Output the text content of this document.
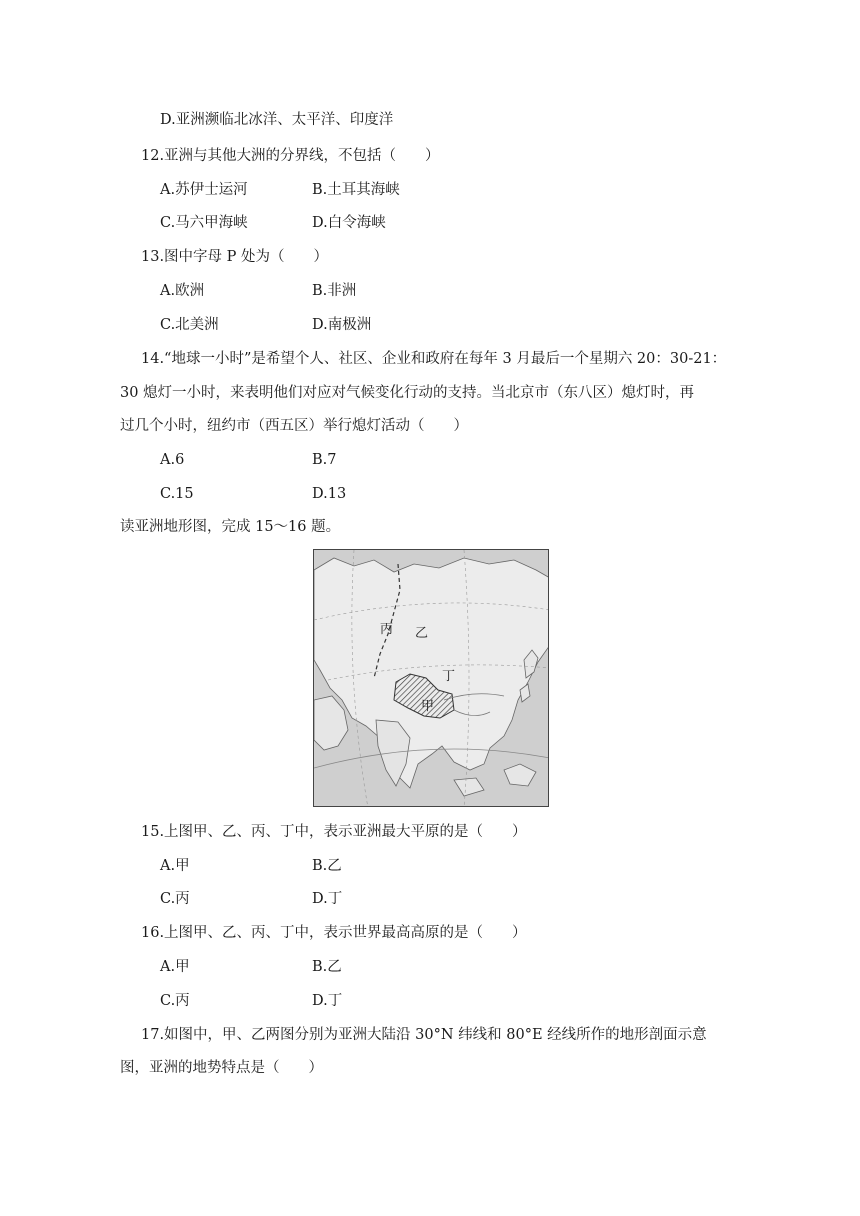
D.亚洲濒临北冰洋、太平洋、印度洋
12.亚洲与其他大洲的分界线，不包括（　　）
A.苏伊士运河	B.土耳其海峡
C.马六甲海峡	D.白令海峡
13.图中字母 P 处为（　　）
A.欧洲	B.非洲
C.北美洲	D.南极洲
14.“地球一小时”是希望个人、社区、企业和政府在每年 3 月最后一个星期六 20：30-21：
30 熄灯一小时，来表明他们对应对气候变化行动的支持。当北京市（东八区）熄灯时，再
过几个小时，纽约市（西五区）举行熄灯活动（　　）
A.6	B.7
C.15	D.13
读亚洲地形图，完成 15～16 题。
丙 乙
丁
甲
15.上图甲、乙、丙、丁中，表示亚洲最大平原的是（　　）
A.甲	B.乙
C.丙	D.丁
16.上图甲、乙、丙、丁中，表示世界最高高原的是（　　）
A.甲	B.乙
C.丙	D.丁
17.如图中，甲、乙两图分别为亚洲大陆沿 30°N 纬线和 80°E 经线所作的地形剖面示意
图，亚洲的地势特点是（　　）
